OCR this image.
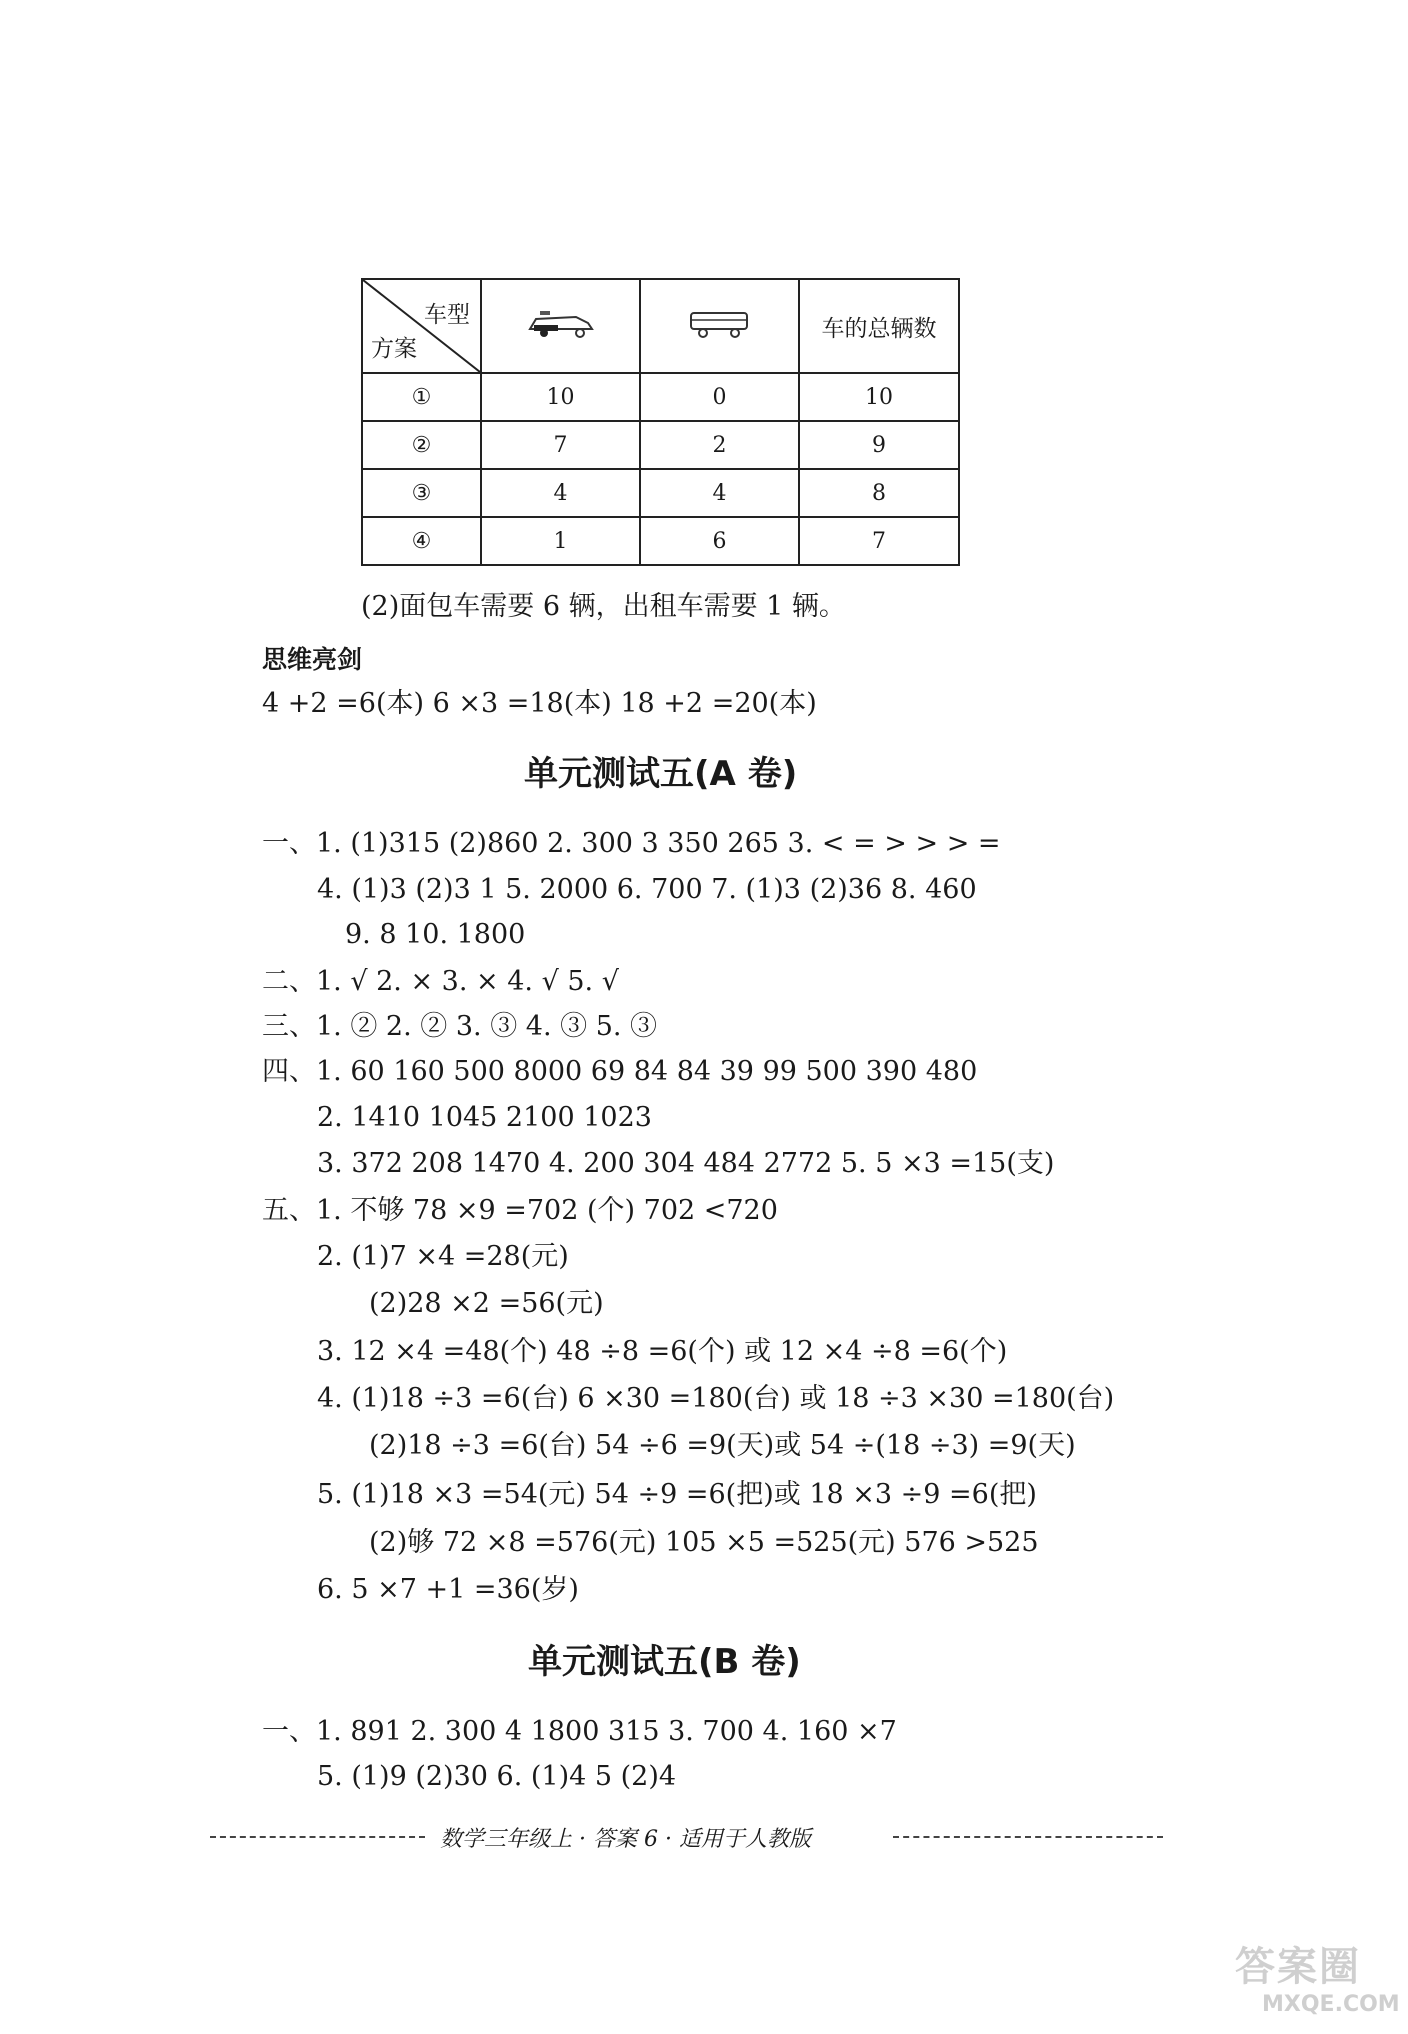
车型
方案			车的总辆数
①	10	0	10
②	7	2	9
③	4	4	8
④	1	6	7
(2)面包车需要 6 辆，出租车需要 1 辆。
思维亮剑
4 +2 =6(本) 6 ×3 =18(本) 18 +2 =20(本)
单元测试五(A 卷)
一、1. (1)315 (2)860 2. 300 3 350 265 3. < = > > > =
4. (1)3 (2)3 1 5. 2000 6. 700 7. (1)3 (2)36 8. 460
9. 8 10. 1800
二、1. √ 2. × 3. × 4. √ 5. √
三、1. ② 2. ② 3. ③ 4. ③ 5. ③
四、1. 60 160 500 8000 69 84 84 39 99 500 390 480
2. 1410 1045 2100 1023
3. 372 208 1470 4. 200 304 484 2772 5. 5 ×3 =15(支)
五、1. 不够 78 ×9 =702 (个) 702 <720
2. (1)7 ×4 =28(元)
(2)28 ×2 =56(元)
3. 12 ×4 =48(个) 48 ÷8 =6(个) 或 12 ×4 ÷8 =6(个)
4. (1)18 ÷3 =6(台) 6 ×30 =180(台) 或 18 ÷3 ×30 =180(台)
(2)18 ÷3 =6(台) 54 ÷6 =9(天)或 54 ÷(18 ÷3) =9(天)
5. (1)18 ×3 =54(元) 54 ÷9 =6(把)或 18 ×3 ÷9 =6(把)
(2)够 72 ×8 =576(元) 105 ×5 =525(元) 576 >525
6. 5 ×7 +1 =36(岁)
单元测试五(B 卷)
一、1. 891 2. 300 4 1800 315 3. 700 4. 160 ×7
5. (1)9 (2)30 6. (1)4 5 (2)4
数学三年级上 · 答案 6 · 适用于人教版
答案圈
MXQE.COM
